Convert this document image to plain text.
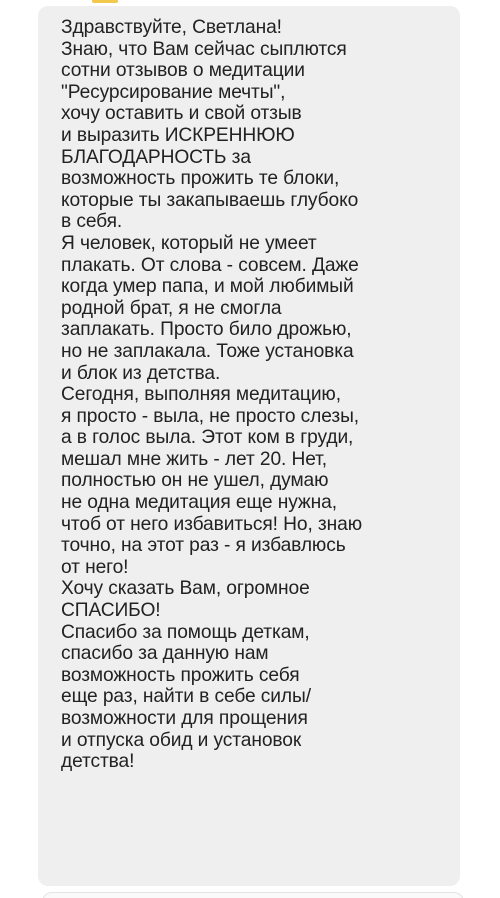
Здравствуйте, Светлана!
Знаю, что Вам сейчас сыплются
сотни отзывов о медитации
"Ресурсирование мечты",
хочу оставить и свой отзыв
и выразить ИСКРЕННЮЮ
БЛАГОДАРНОСТЬ за
возможность прожить те блоки,
которые ты закапываешь глубоко
в себя.
Я человек, который не умеет
плакать. От слова - совсем. Даже
когда умер папа, и мой любимый
родной брат, я не смогла
заплакать. Просто било дрожью,
но не заплакала. Тоже установка
и блок из детства.
Сегодня, выполняя медитацию,
я просто - выла, не просто слезы,
а в голос выла. Этот ком в груди,
мешал мне жить - лет 20. Нет,
полностью он не ушел, думаю
не одна медитация еще нужна,
чтоб от него избавиться! Но, знаю
точно, на этот раз - я избавлюсь
от него!
Хочу сказать Вам, огромное
СПАСИБО!
Спасибо за помощь деткам,
спасибо за данную нам
возможность прожить себя
еще раз, найти в себе силы/
возможности для прощения
и отпуска обид и установок
детства!
